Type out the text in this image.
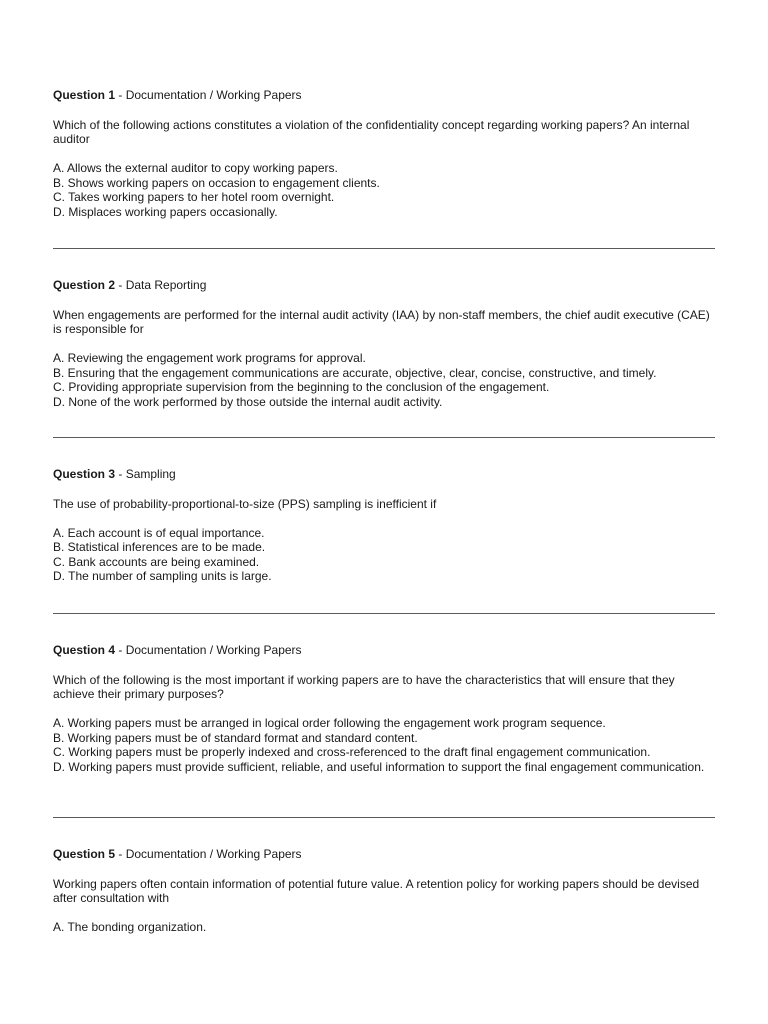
Question 1 - Documentation / Working Papers

Which of the following actions constitutes a violation of the confidentiality concept regarding working papers? An internal auditor

A. Allows the external auditor to copy working papers.
B. Shows working papers on occasion to engagement clients.
C. Takes working papers to her hotel room overnight.
D. Misplaces working papers occasionally.

Question 2 - Data Reporting

When engagements are performed for the internal audit activity (IAA) by non-staff members, the chief audit executive (CAE) is responsible for

A. Reviewing the engagement work programs for approval.
B. Ensuring that the engagement communications are accurate, objective, clear, concise, constructive, and timely.
C. Providing appropriate supervision from the beginning to the conclusion of the engagement.
D. None of the work performed by those outside the internal audit activity.

Question 3 - Sampling

The use of probability-proportional-to-size (PPS) sampling is inefficient if

A. Each account is of equal importance.
B. Statistical inferences are to be made.
C. Bank accounts are being examined.
D. The number of sampling units is large.

Question 4 - Documentation / Working Papers

Which of the following is the most important if working papers are to have the characteristics that will ensure that they achieve their primary purposes?

A. Working papers must be arranged in logical order following the engagement work program sequence.
B. Working papers must be of standard format and standard content.
C. Working papers must be properly indexed and cross-referenced to the draft final engagement communication.
D. Working papers must provide sufficient, reliable, and useful information to support the final engagement communication.

Question 5 - Documentation / Working Papers

Working papers often contain information of potential future value. A retention policy for working papers should be devised after consultation with

A. The bonding organization.
